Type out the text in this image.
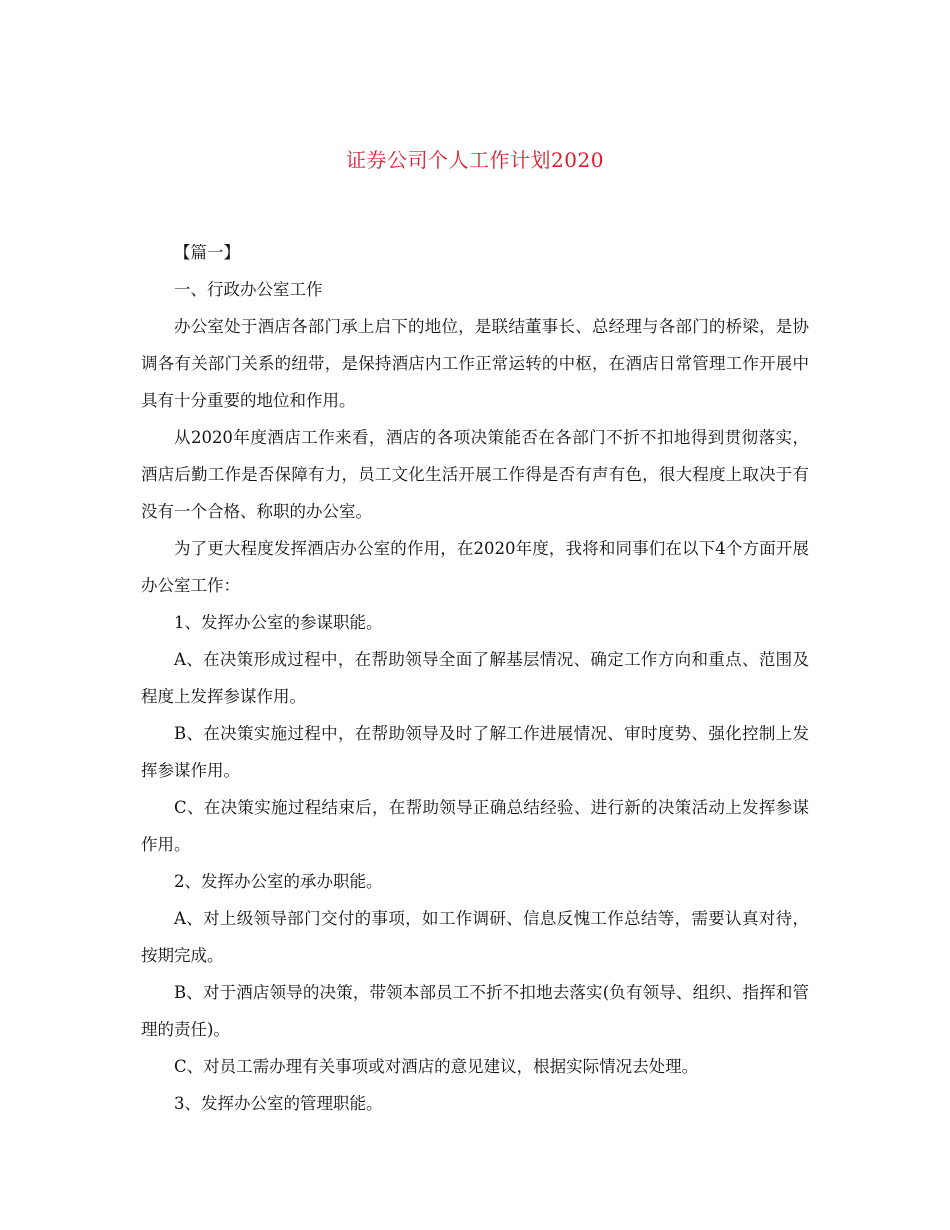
证券公司个人工作计划2020

【篇一】

一、行政办公室工作

办公室处于酒店各部门承上启下的地位，是联结董事长、总经理与各部门的桥梁，是协调各有关部门关系的纽带，是保持酒店内工作正常运转的中枢，在酒店日常管理工作开展中具有十分重要的地位和作用。

从2020年度酒店工作来看，酒店的各项决策能否在各部门不折不扣地得到贯彻落实，酒店后勤工作是否保障有力，员工文化生活开展工作得是否有声有色，很大程度上取决于有没有一个合格、称职的办公室。

为了更大程度发挥酒店办公室的作用，在2020年度，我将和同事们在以下4个方面开展办公室工作：

1、发挥办公室的参谋职能。

A、在决策形成过程中，在帮助领导全面了解基层情况、确定工作方向和重点、范围及程度上发挥参谋作用。

B、在决策实施过程中，在帮助领导及时了解工作进展情况、审时度势、强化控制上发挥参谋作用。

C、在决策实施过程结束后，在帮助领导正确总结经验、进行新的决策活动上发挥参谋作用。

2、发挥办公室的承办职能。

A、对上级领导部门交付的事项，如工作调研、信息反愧工作总结等，需要认真对待，按期完成。

B、对于酒店领导的决策，带领本部员工不折不扣地去落实(负有领导、组织、指挥和管理的责任)。

C、对员工需办理有关事项或对酒店的意见建议，根据实际情况去处理。

3、发挥办公室的管理职能。
